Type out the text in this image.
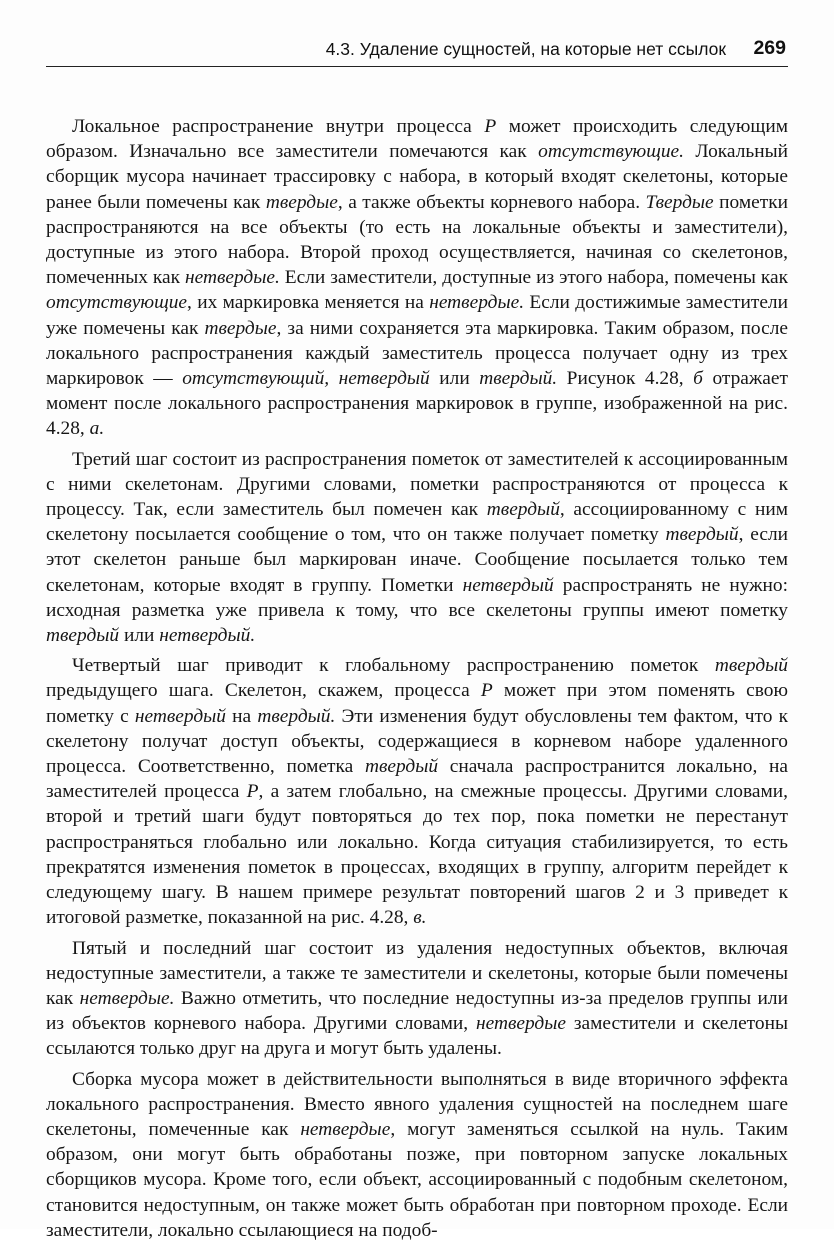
4.3. Удаление сущностей, на которые нет ссылок 269

Локальное распространение внутри процесса P может происходить следующим образом. Изначально все заместители помечаются как отсутствующие. Локальный сборщик мусора начинает трассировку с набора, в который входят скелетоны, которые ранее были помечены как твердые, а также объекты корневого набора. Твердые пометки распространяются на все объекты (то есть на локальные объекты и заместители), доступные из этого набора. Второй проход осуществляется, начиная со скелетонов, помеченных как нетвердые. Если заместители, доступные из этого набора, помечены как отсутствующие, их маркировка меняется на нетвердые. Если достижимые заместители уже помечены как твердые, за ними сохраняется эта маркировка. Таким образом, после локального распространения каждый заместитель процесса получает одну из трех маркировок — отсутствующий, нетвердый или твердый. Рисунок 4.28, б отражает момент после локального распространения маркировок в группе, изображенной на рис. 4.28, а.

Третий шаг состоит из распространения пометок от заместителей к ассоциированным с ними скелетонам. Другими словами, пометки распространяются от процесса к процессу. Так, если заместитель был помечен как твердый, ассоциированному с ним скелетону посылается сообщение о том, что он также получает пометку твердый, если этот скелетон раньше был маркирован иначе. Сообщение посылается только тем скелетонам, которые входят в группу. Пометки нетвердый распространять не нужно: исходная разметка уже привела к тому, что все скелетоны группы имеют пометку твердый или нетвердый.

Четвертый шаг приводит к глобальному распространению пометок твердый предыдущего шага. Скелетон, скажем, процесса P может при этом поменять свою пометку с нетвердый на твердый. Эти изменения будут обусловлены тем фактом, что к скелетону получат доступ объекты, содержащиеся в корневом наборе удаленного процесса. Соответственно, пометка твердый сначала распространится локально, на заместителей процесса P, а затем глобально, на смежные процессы. Другими словами, второй и третий шаги будут повторяться до тех пор, пока пометки не перестанут распространяться глобально или локально. Когда ситуация стабилизируется, то есть прекратятся изменения пометок в процессах, входящих в группу, алгоритм перейдет к следующему шагу. В нашем примере результат повторений шагов 2 и 3 приведет к итоговой разметке, показанной на рис. 4.28, в.

Пятый и последний шаг состоит из удаления недоступных объектов, включая недоступные заместители, а также те заместители и скелетоны, которые были помечены как нетвердые. Важно отметить, что последние недоступны из-за пределов группы или из объектов корневого набора. Другими словами, нетвердые заместители и скелетоны ссылаются только друг на друга и могут быть удалены.

Сборка мусора может в действительности выполняться в виде вторичного эффекта локального распространения. Вместо явного удаления сущностей на последнем шаге скелетоны, помеченные как нетвердые, могут заменяться ссылкой на нуль. Таким образом, они могут быть обработаны позже, при повторном запуске локальных сборщиков мусора. Кроме того, если объект, ассоциированный с подобным скелетоном, становится недоступным, он также может быть обработан при повторном проходе. Если заместители, локально ссылающиеся на подоб-
